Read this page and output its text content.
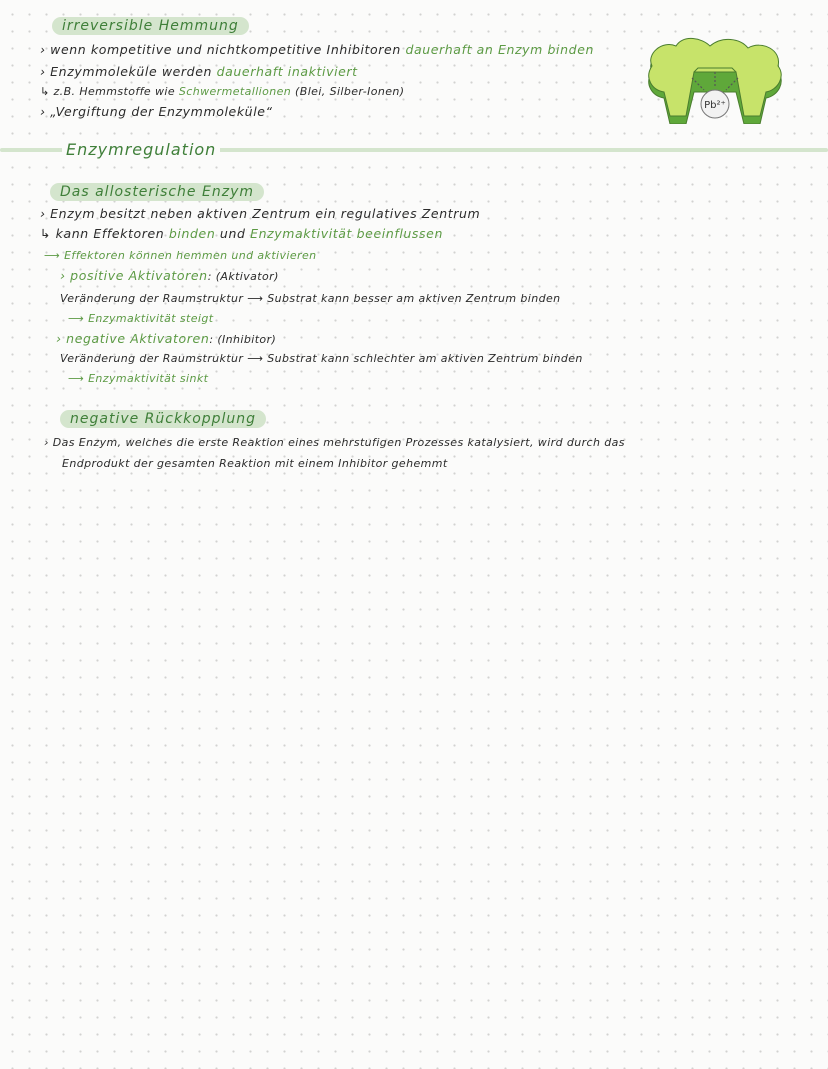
irreversible Hemmung
› wenn kompetitive und nichtkompetitive Inhibitoren dauerhaft an Enzym binden
› Enzymmoleküle werden dauerhaft inaktiviert
↳ z.B. Hemmstoffe wie Schwermetallionen (Blei, Silber-Ionen)
› „Vergiftung der Enzymmoleküle“	Pb²⁺
Enzymregulation
Das allosterische Enzym
› Enzym besitzt neben aktiven Zentrum ein regulatives Zentrum
↳ kann Effektoren binden und Enzymaktivität beeinflussen
⟶ Effektoren können hemmen und aktivieren
› positive Aktivatoren: (Aktivator)
Veränderung der Raumstruktur ⟶ Substrat kann besser am aktiven Zentrum binden
⟶ Enzymaktivität steigt
› negative Aktivatoren: (Inhibitor)
Veränderung der Raumstruktur ⟶ Substrat kann schlechter am aktiven Zentrum binden
⟶ Enzymaktivität sinkt
negative Rückkopplung
› Das Enzym, welches die erste Reaktion eines mehrstufigen Prozesses katalysiert, wird durch das
Endprodukt der gesamten Reaktion mit einem Inhibitor gehemmt
